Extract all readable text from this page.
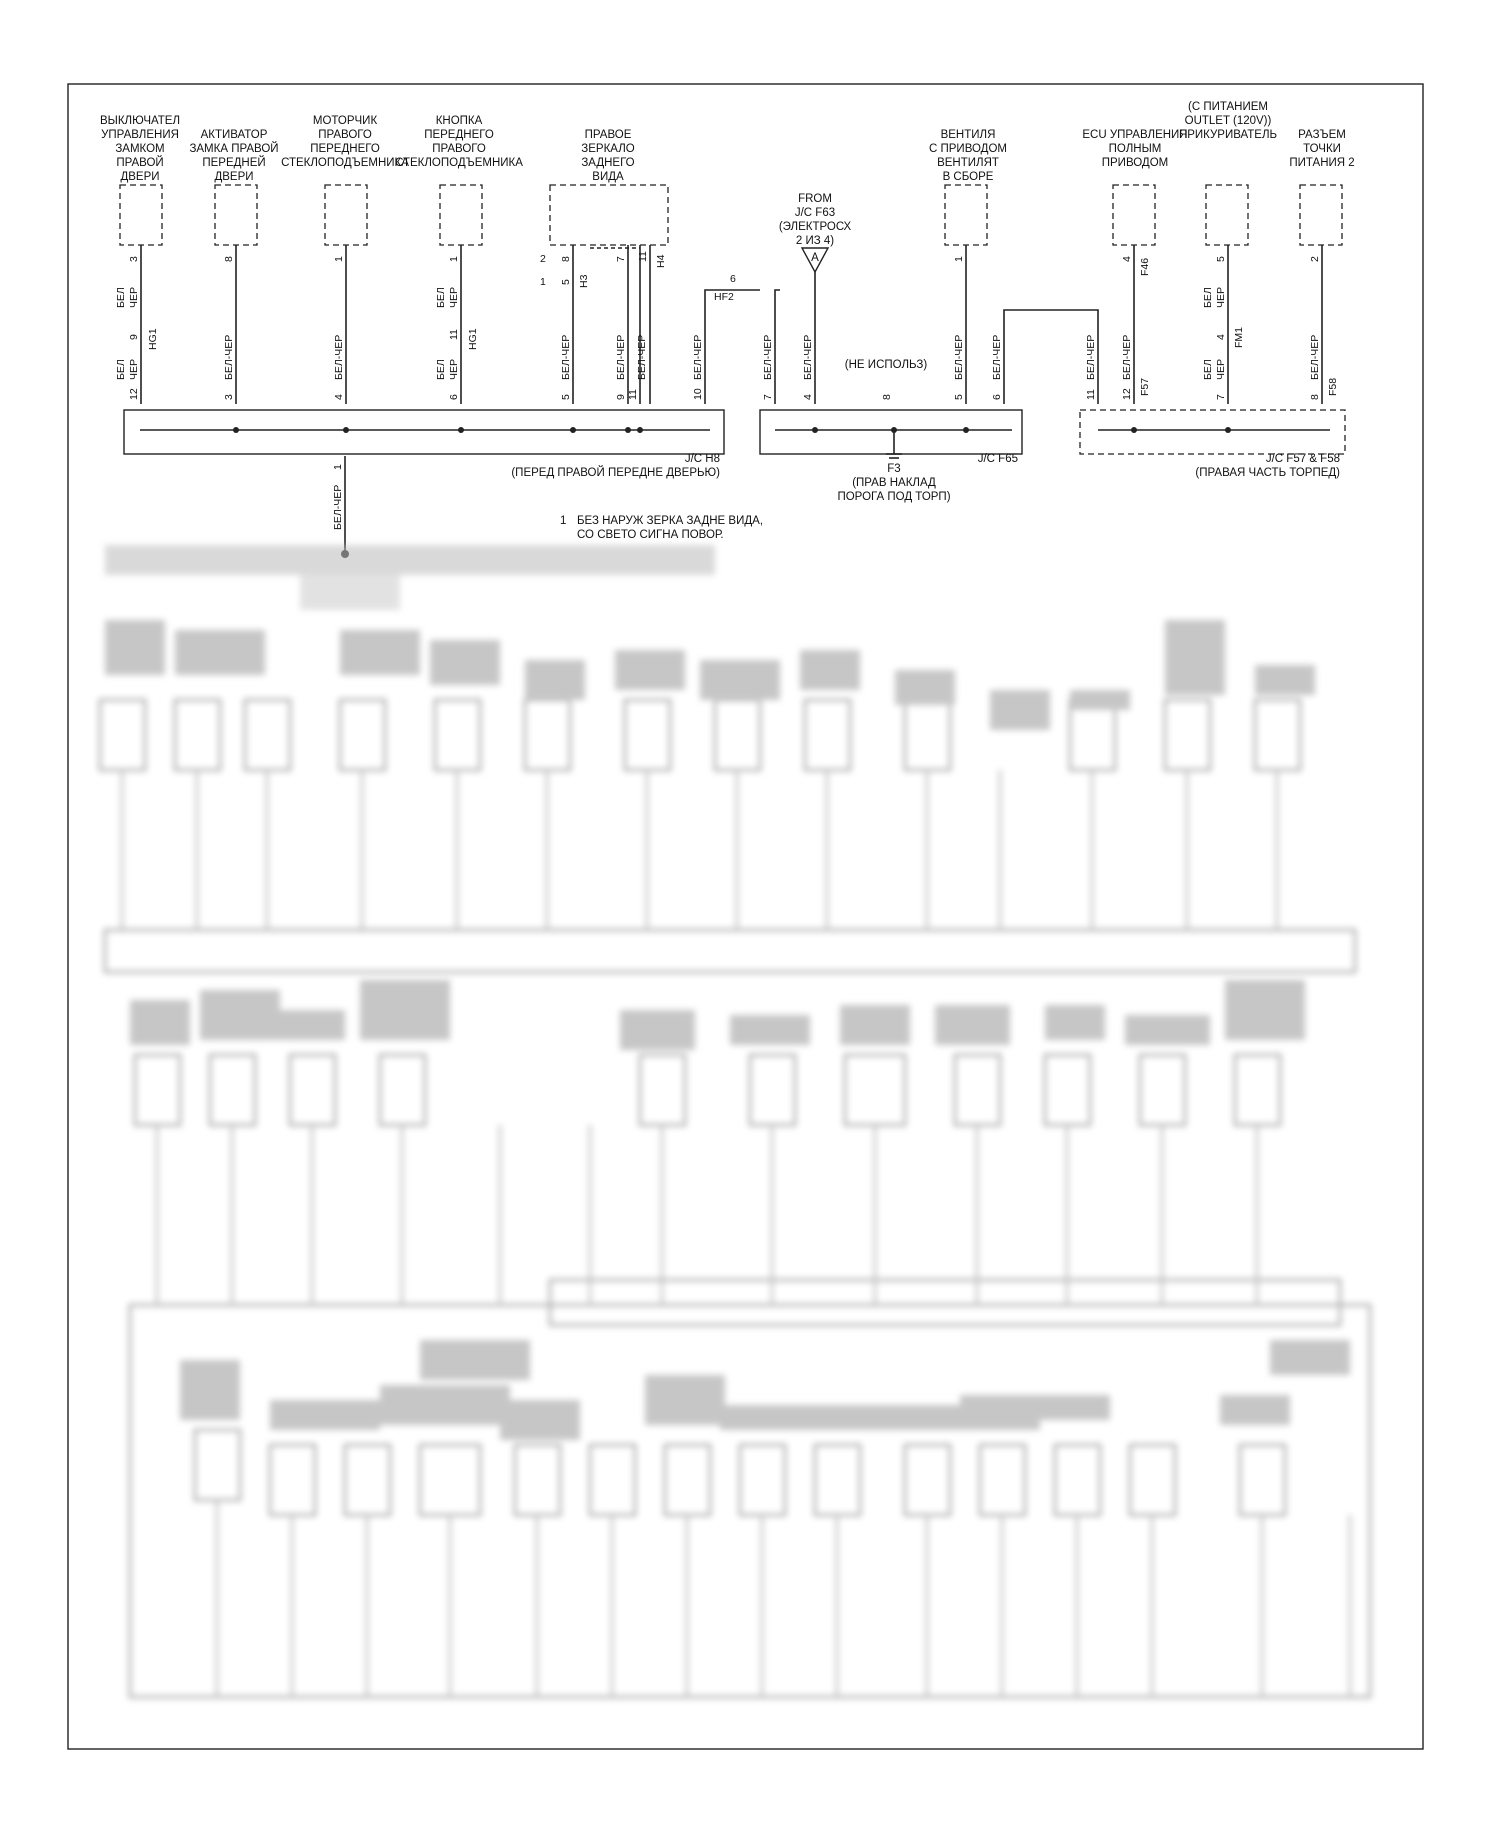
ВЫКЛЮЧАТЕЛ
УПРАВЛЕНИЯ
ЗАМКОМ
ПРАВОЙ
ДВЕРИ
АКТИВАТОР
ЗАМКА ПРАВОЙ
ПЕРЕДНЕЙ
ДВЕРИ
МОТОРЧИК
ПРАВОГО
ПЕРЕДНЕГО
СТЕКЛОПОДЪЕМНИКА
КНОПКА
ПЕРЕДНЕГО
ПРАВОГО
СТЕКЛОПОДЪЕМНИКА
ПРАВОЕ
ЗЕРКАЛО
ЗАДНЕГО
ВИДА
FROM
J/C F63
(ЭЛЕКТРОСХ
2 ИЗ 4)
ВЕНТИЛЯ
С ПРИВОДОМ
ВЕНТИЛЯТ
В СБОРЕ
ECU УПРАВЛЕНИЯ
ПОЛНЫМ
ПРИВОДОМ
(С ПИТАНИЕМ
OUTLET (120V))
ПРИКУРИВАТЕЛЬ РАЗЪЕМ
ТОЧКИ
ПИТАНИЯ 2
A
3
9
12
8
3
1
4
1
11
6
2 8
1 5
7 11
5	9 11	10
6
7	4	8	5 6
1	4	5
4
2
11 12	7	8
1
HG1	HG1
H3
H4
HF2
F46
FM1
F57	F58
БЕЛ ЧЕР
БЕЛ ЧЕР	БЕЛ-ЧЕР	БЕЛ-ЧЕР
БЕЛ ЧЕР
БЕЛ ЧЕР	БЕЛ-ЧЕР	БЕЛ-ЧЕР БЕЛ-ЧЕР	БЕЛ-ЧЕР	БЕЛ-ЧЕР	БЕЛ-ЧЕР	БЕЛ-ЧЕР БЕЛ-ЧЕР	БЕЛ-ЧЕР БЕЛ-ЧЕР
БЕЛ ЧЕР
БЕЛ ЧЕР	БЕЛ-ЧЕР
БЕЛ-ЧЕР
(НЕ ИСПОЛЬЗ)
J/C H8
(ПЕРЕД ПРАВОЙ ПЕРЕДНЕ ДВЕРЬЮ)
J/C F65	J/C F57 & F58
(ПРАВАЯ ЧАСТЬ ТОРПЕД)
F3
(ПРАВ НАКЛАД
ПОРОГА ПОД ТОРП)
1 БЕЗ НАРУЖ ЗЕРКА ЗАДНЕ ВИДА,
СО СВЕТО СИГНА ПОВОР.
